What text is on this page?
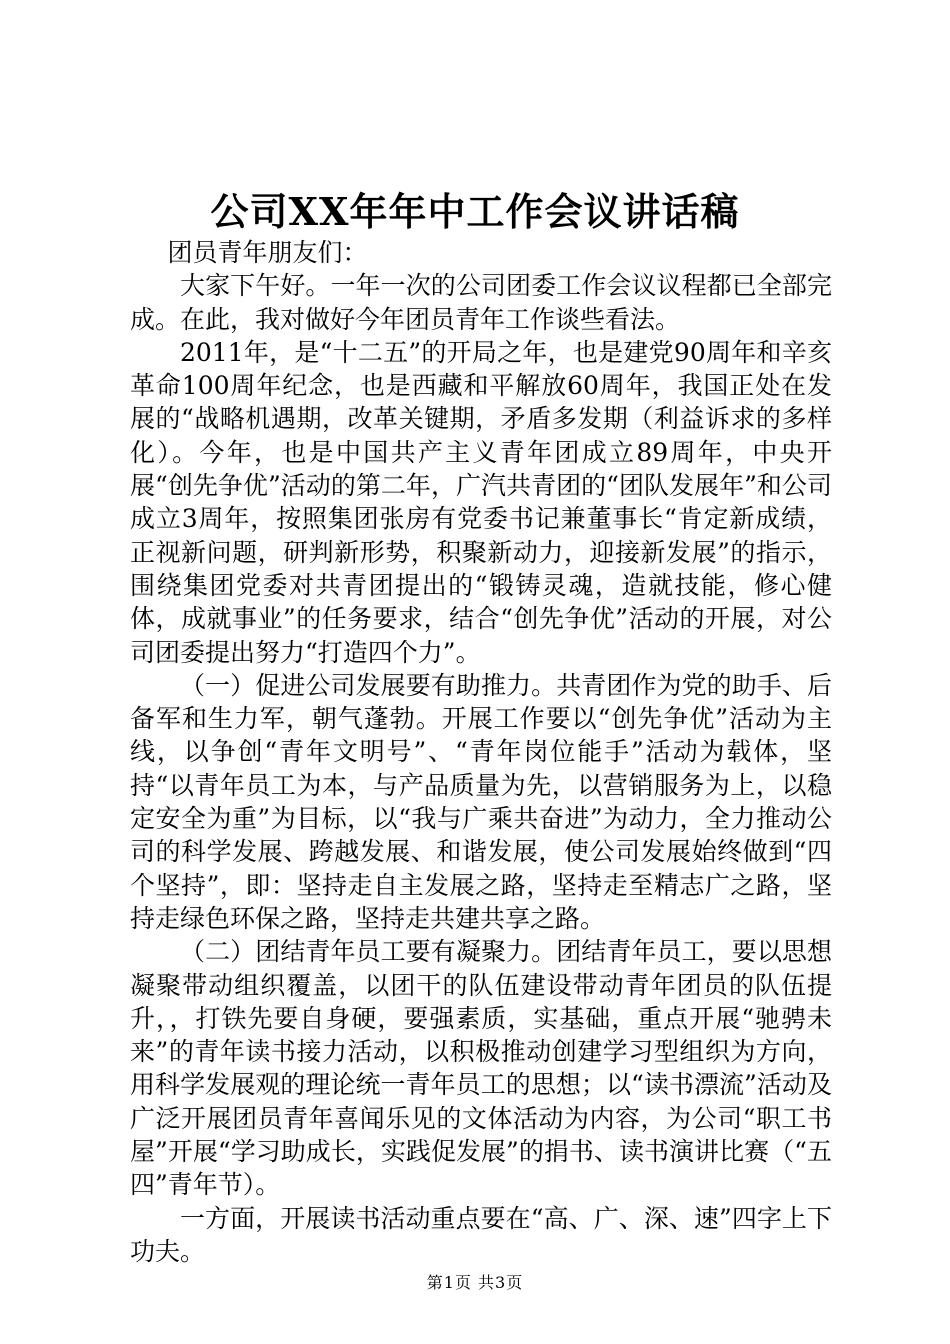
公司XX年年中工作会议讲话稿

团员青年朋友们：

大家下午好。一年一次的公司团委工作会议议程都已全部完成。在此，我对做好今年团员青年工作谈些看法。

2011年，是“十二五”的开局之年，也是建党90周年和辛亥革命100周年纪念，也是西藏和平解放60周年，我国正处在发展的“战略机遇期，改革关键期，矛盾多发期（利益诉求的多样化）。今年，也是中国共产主义青年团成立89周年，中央开展“创先争优”活动的第二年，广汽共青团的“团队发展年”和公司成立3周年，按照集团张房有党委书记兼董事长“肯定新成绩，正视新问题，研判新形势，积聚新动力，迎接新发展”的指示，围绕集团党委对共青团提出的“锻铸灵魂，造就技能，修心健体，成就事业”的任务要求，结合“创先争优”活动的开展，对公司团委提出努力“打造四个力”。

（一）促进公司发展要有助推力。共青团作为党的助手、后备军和生力军，朝气蓬勃。开展工作要以“创先争优”活动为主线，以争创“青年文明号”、“青年岗位能手”活动为载体，坚持“以青年员工为本，与产品质量为先，以营销服务为上，以稳定安全为重”为目标，以“我与广乘共奋进”为动力，全力推动公司的科学发展、跨越发展、和谐发展，使公司发展始终做到“四个坚持”，即：坚持走自主发展之路，坚持走至精志广之路，坚持走绿色环保之路，坚持走共建共享之路。

（二）团结青年员工要有凝聚力。团结青年员工，要以思想凝聚带动组织覆盖，以团干的队伍建设带动青年团员的队伍提升，，打铁先要自身硬，要强素质，实基础，重点开展“驰骋未来”的青年读书接力活动，以积极推动创建学习型组织为方向，用科学发展观的理论统一青年员工的思想；以“读书漂流”活动及广泛开展团员青年喜闻乐见的文体活动为内容，为公司“职工书屋”开展“学习助成长，实践促发展”的捐书、读书演讲比赛（“五四”青年节）。

一方面，开展读书活动重点要在“高、广、深、速”四字上下功夫。

第1页 共3页
